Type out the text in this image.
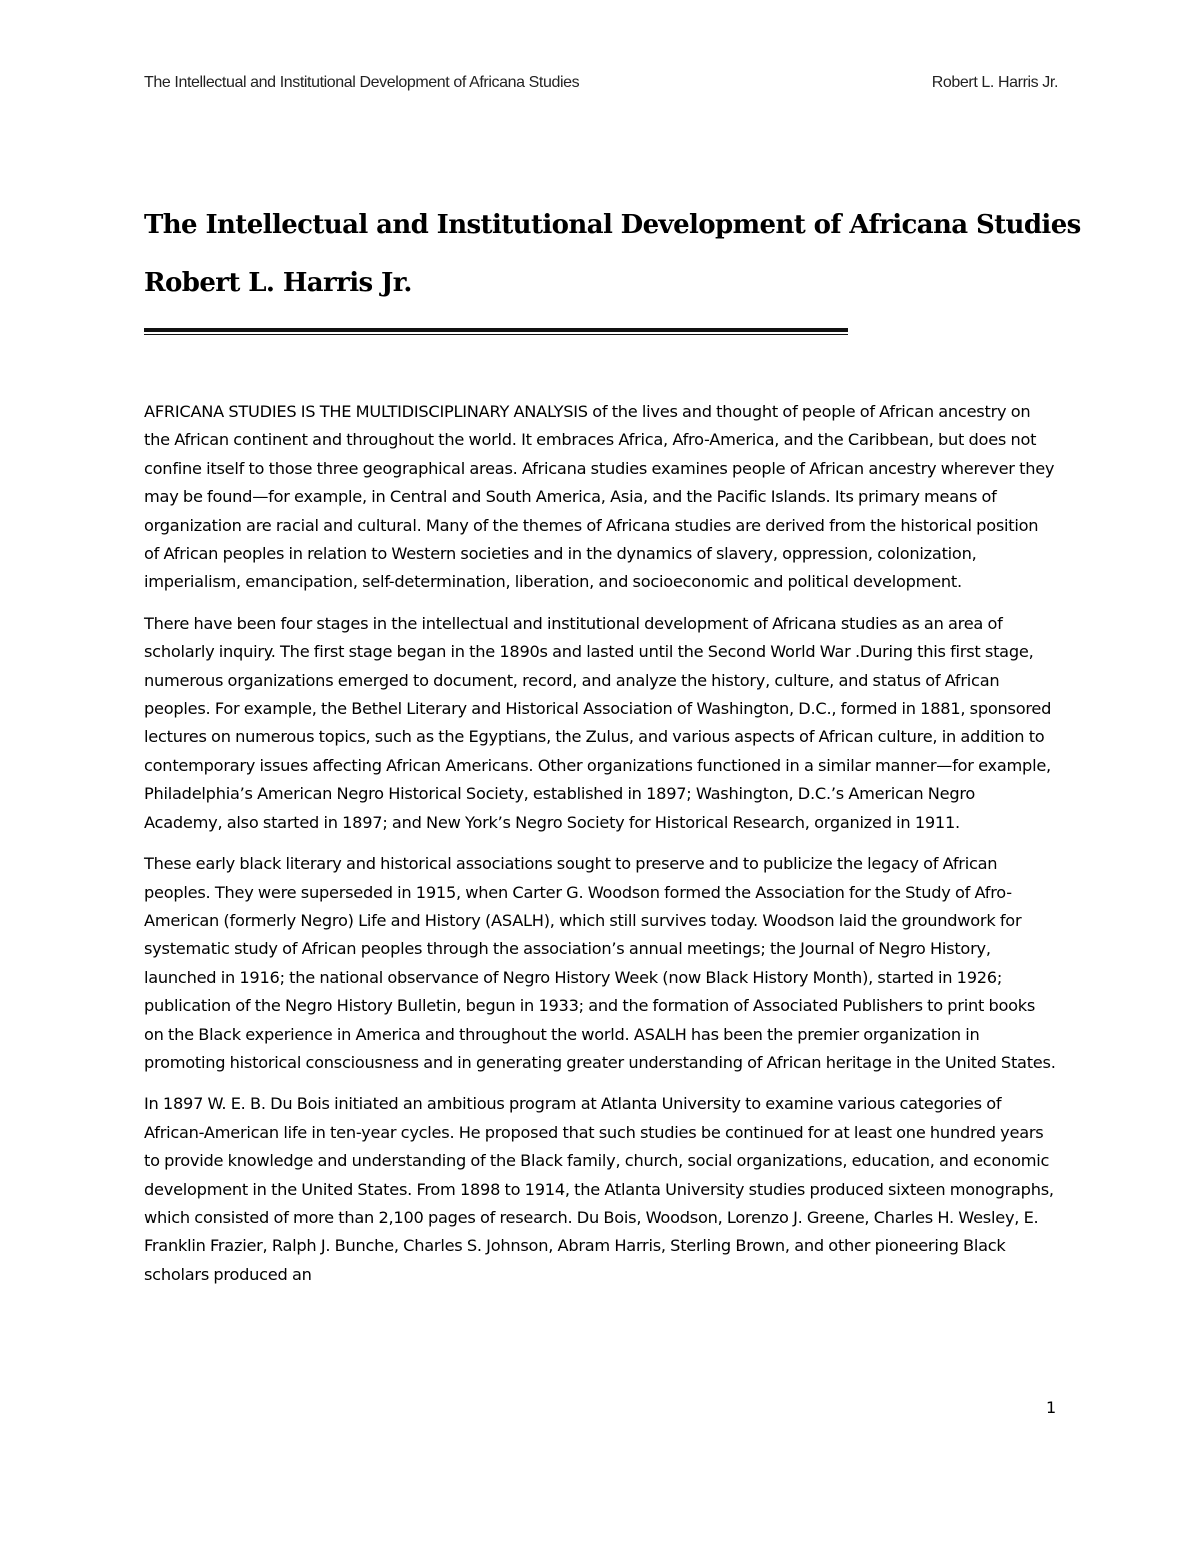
The Intellectual and Institutional Development of Africana Studies	Robert L. Harris Jr.
The Intellectual and Institutional Development of Africana Studies
Robert L. Harris Jr.

AFRICANA STUDIES IS THE MULTIDISCIPLINARY ANALYSIS of the lives and thought of people of African ancestry on the African continent and throughout the world. It embraces Africa, Afro-America, and the Caribbean, but does not confine itself to those three geographical areas. Africana studies examines people of African ancestry wherever they may be found—for example, in Central and South America, Asia, and the Pacific Islands. Its primary means of organization are racial and cultural. Many of the themes of Africana studies are derived from the historical position of African peoples in relation to Western societies and in the dynamics of slavery, oppression, colonization, imperialism, emancipation, self-determination, liberation, and socioeconomic and political development.

There have been four stages in the intellectual and institutional development of Africana studies as an area of scholarly inquiry. The first stage began in the 1890s and lasted until the Second World War .During this first stage, numerous organizations emerged to document, record, and analyze the history, culture, and status of African peoples. For example, the Bethel Literary and Historical Association of Washington, D.C., formed in 1881, sponsored lectures on numerous topics, such as the Egyptians, the Zulus, and various aspects of African culture, in addition to contemporary issues affecting African Americans. Other organizations functioned in a similar manner—for example, Philadelphia’s American Negro Historical Society, established in 1897; Washington, D.C.’s American Negro Academy, also started in 1897; and New York’s Negro Society for Historical Research, organized in 1911.

These early black literary and historical associations sought to preserve and to publicize the legacy of African peoples. They were superseded in 1915, when Carter G. Woodson formed the Association for the Study of Afro-American (formerly Negro) Life and History (ASALH), which still survives today. Woodson laid the groundwork for systematic study of African peoples through the association’s annual meetings; the Journal of Negro History, launched in 1916; the national observance of Negro History Week (now Black History Month), started in 1926; publication of the Negro History Bulletin, begun in 1933; and the formation of Associated Publishers to print books on the Black experience in America and throughout the world. ASALH has been the premier organization in promoting historical consciousness and in generating greater understanding of African heritage in the United States.

In 1897 W. E. B. Du Bois initiated an ambitious program at Atlanta University to examine various categories of African-American life in ten-year cycles. He proposed that such studies be continued for at least one hundred years to provide knowledge and understanding of the Black family, church, social organizations, education, and economic development in the United States. From 1898 to 1914, the Atlanta University studies produced sixteen monographs, which consisted of more than 2,100 pages of research. Du Bois, Woodson, Lorenzo J. Greene, Charles H. Wesley, E. Franklin Frazier, Ralph J. Bunche, Charles S. Johnson, Abram Harris, Sterling Brown, and other pioneering Black scholars produced an

1
